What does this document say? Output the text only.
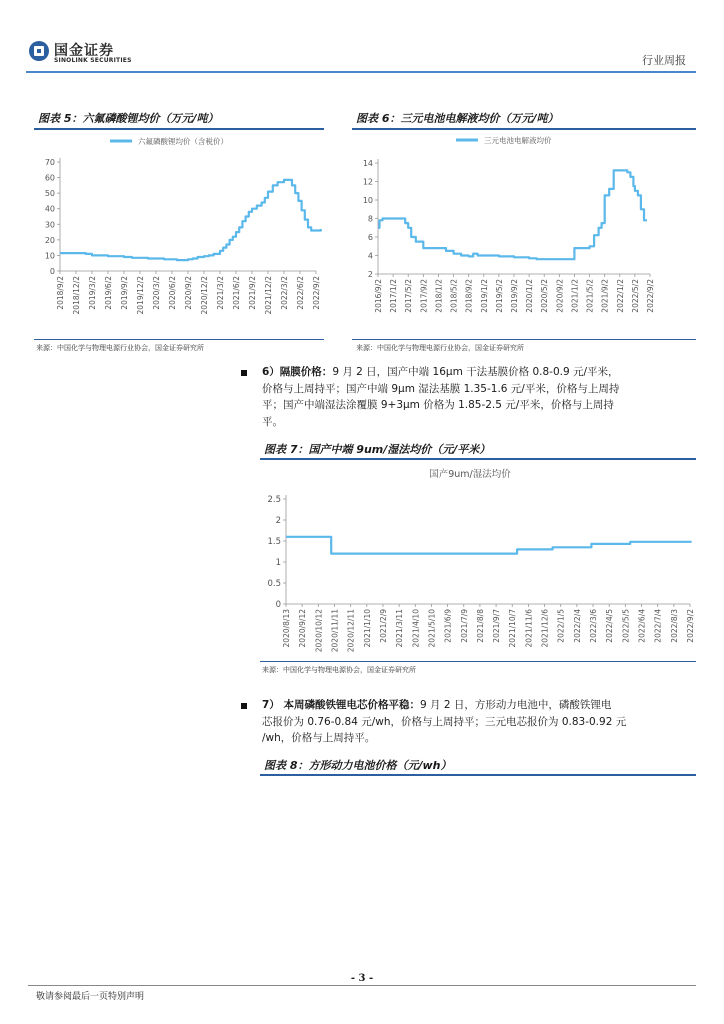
国金证券
SINOLINK SECURITIES	行业周报
图表 5：六氟磷酸锂均价（万元/吨）
六氟磷酸锂均价（含税价）
0
10
20
30
40
50
60
70
2018/9/2 2018/12/2 2019/3/2 2019/6/2 2019/9/2 2019/12/2 2020/3/2 2020/6/2 2020/9/2 2020/12/2 2021/3/2 2021/6/2 2021/9/2 2021/12/2 2022/3/2 2022/6/2 2022/9/2
图表 6：三元电池电解液均价（万元/吨）
三元电池电解液均价
2
4
6
8
10
12
14
2016/9/2 2017/1/2 2017/5/2 2017/9/2 2018/1/2 2018/5/2 2018/9/2 2019/1/2 2019/5/2 2019/9/2 2020/1/2 2020/5/2 2020/9/2 2021/1/2 2021/5/2 2021/9/2 2022/1/2 2022/5/2 2022/9/2
来源：中国化学与物理电源行业协会，国金证券研究所	来源：中国化学与物理电源行业协会，国金证券研究所
6）隔膜价格：9 月 2 日，国产中端 16μm 干法基膜价格 0.8-0.9 元/平米，
价格与上周持平；国产中端 9μm 湿法基膜 1.35-1.6 元/平米，价格与上周持
平；国产中端湿法涂覆膜 9+3μm 价格为 1.85-2.5 元/平米，价格与上周持
平。
图表 7：国产中端 9um/湿法均价（元/平米）
国产9um/湿法均价
0
0.5
1
1.5
2
2.5
2020/8/13 2020/9/12 2020/10/12 2020/11/11 2020/12/11 2021/1/10 2021/2/9 2021/3/11 2021/4/10 2021/5/10 2021/6/9 2021/7/9 2021/8/8 2021/9/7 2021/10/7 2021/11/6 2021/12/6 2022/1/5 2022/2/4 2022/3/6 2022/4/5 2022/5/5 2022/6/4 2022/7/4 2022/8/3 2022/9/2
来源：中国化学与物理电源协会，国金证券研究所
7） 本周磷酸铁锂电芯价格平稳：9 月 2 日，方形动力电池中，磷酸铁锂电
芯报价为 0.76-0.84 元/wh，价格与上周持平；三元电芯报价为 0.83-0.92 元
/wh，价格与上周持平。
图表 8：方形动力电池价格（元/wh）
- 3 -
敬请参阅最后一页特别声明
